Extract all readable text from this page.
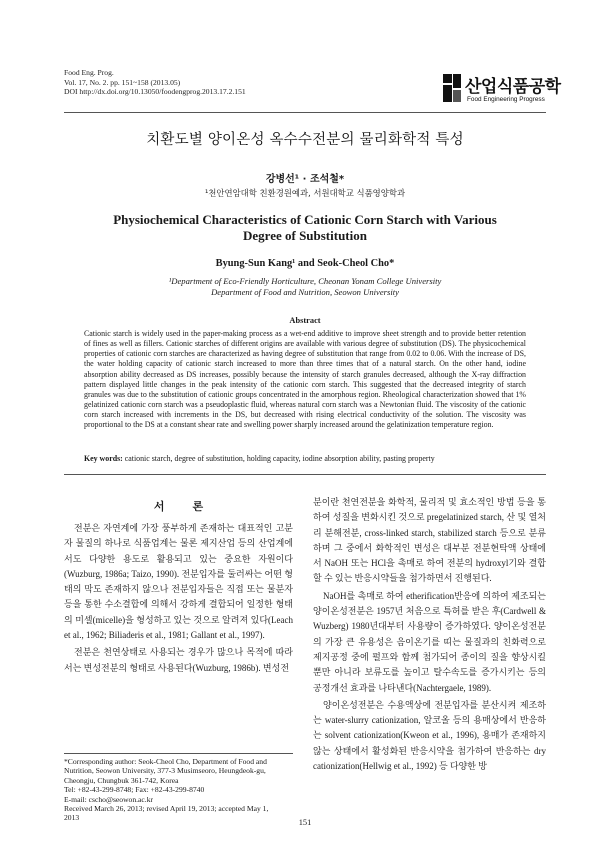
Food Eng. Prog.
Vol. 17, No. 2. pp. 151~158 (2013.05)
DOI http://dx.doi.org/10.13050/foodengprog.2013.17.2.151	산업식품공학
Food Engineering Progress
치환도별 양이온성 옥수수전분의 물리화학적 특성
강병선¹ · 조석철*
¹천안연암대학 친환경원예과, 서원대학교 식품영양학과
Physiochemical Characteristics of Cationic Corn Starch with Various
Degree of Substitution
Byung-Sun Kang¹ and Seok-Cheol Cho*
¹Department of Eco-Friendly Horticulture, Cheonan Yonam College University
Department of Food and Nutrition, Seowon University
Abstract
Cationic starch is widely used in the paper-making process as a wet-end additive to improve sheet strength and to provide better retention of fines as well as fillers. Cationic starches of different origins are available with various degree of substitution (DS). The physicochemical properties of cationic corn starches are characterized as having degree of substitution that range from 0.02 to 0.06. With the increase of DS, the water holding capacity of cationic starch increased to more than three times that of a natural starch. On the other hand, iodine absorption ability decreased as DS increases, possibly because the intensity of starch granules decreased, although the X-ray diffraction pattern displayed little changes in the peak intensity of the cationic corn starch. This suggested that the decreased integrity of starch granules was due to the substitution of cationic groups concentrated in the amorphous region. Rheological characterization showed that 1% gelatinized cationic corn starch was a pseudoplastic fluid, whereas natural corn starch was a Newtonian fluid. The viscosity of the cationic corn starch increased with increments in the DS, but decreased with rising electrical conductivity of the solution. The viscosity was proportional to the DS at a constant shear rate and swelling power sharply increased around the gelatinization temperature region.
Key words: cationic starch, degree of substitution, holding capacity, iodine absorption ability, pasting property
서론

전분은 자연계에 가장 풍부하게 존재하는 대표적인 고분자 물질의 하나로 식품업계는 물론 제지산업 등의 산업계에서도 다양한 용도로 활용되고 있는 중요한 자원이다(Wuzburg, 1986a; Taizo, 1990). 전분입자를 둘러싸는 어떤 형태의 막도 존재하지 않으나 전분입자들은 직접 또는 물분자 등을 통한 수소결합에 의해서 강하게 결합되어 일정한 형태의 미셀(micelle)을 형성하고 있는 것으로 알려져 있다(Leach et al., 1962; Biliaderis et al., 1981; Gallant et al., 1997).

전분은 천연상태로 사용되는 경우가 많으나 목적에 따라서는 변성전분의 형태로 사용된다(Wuzburg, 1986b). 변성전

분이란 천연전분을 화학적, 물리적 및 효소적인 방법 등을 통하여 성질을 변화시킨 것으로 pregelatinized starch, 산 및 열처리 분해전분, cross-linked starch, stabilized starch 등으로 분류하며 그 중에서 화학적인 변성은 대부분 전분현탁액 상태에서 NaOH 또는 HCl을 촉매로 하여 전분의 hydroxyl기와 결합할 수 있는 반응시약들을 첨가하면서 진행된다.

NaOH를 촉매로 하여 etherification반응에 의하여 제조되는 양이온성전분은 1957년 처음으로 특허를 받은 후(Cardwell & Wuzberg) 1980년대부터 사용량이 증가하였다. 양이온성전분의 가장 큰 유용성은 음이온기를 띠는 물질과의 친화력으로 제지공정 중에 펄프와 함께 첨가되어 종이의 질을 향상시킬 뿐만 아니라 보류도를 높이고 탈수속도를 증가시키는 등의 공정개선 효과를 나타낸다(Nachtergaele, 1989).

양이온성전분은 수용액상에 전분입자를 분산시켜 제조하는 water-slurry cationization, 알코올 등의 용매상에서 반응하는 solvent cationization(Kweon et al., 1996), 용매가 존재하지 않는 상태에서 활성화된 반응시약을 첨가하여 반응하는 dry cationization(Hellwig et al., 1992) 등 다양한 방

*Corresponding author: Seok-Cheol Cho, Department of Food and
Nutrition, Seowon University, 377-3 Musimseoro, Heungdeok-gu,
Cheongju, Chungbuk 361-742, Korea
Tel: +82-43-299-8748; Fax: +82-43-299-8740
E-mail: cscho@seowon.ac.kr
Received March 26, 2013; revised April 19, 2013; accepted May 1,
2013
151
